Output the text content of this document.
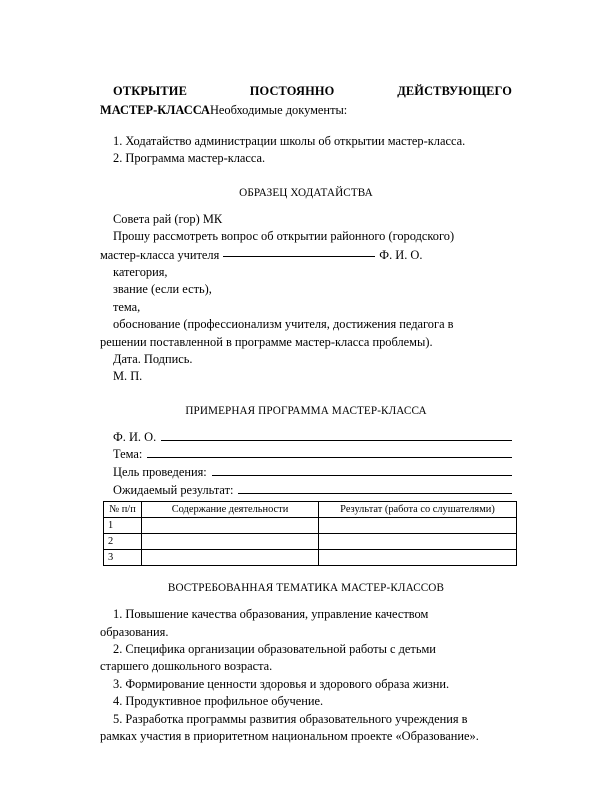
ОТКРЫТИЕ	ПОСТОЯННО	ДЕЙСТВУЮЩЕГО
МАСТЕР-КЛАССАНеобходимые документы:

1. Ходатайство администрации школы об открытии мастер-класса.

2. Программа мастер-класса.

ОБРАЗЕЦ ХОДАТАЙСТВА

Совета рай (гор) МК

Прошу рассмотреть вопрос об открытии районного (городского)

мастер-класса учителя	Ф. И. О.

категория,

звание (если есть),

тема,

обоснование (профессионализм учителя, достижения педагога в

решении поставленной в программе мастер-класса проблемы).

Дата. Подпись.

М. П.

ПРИМЕРНАЯ ПРОГРАММА МАСТЕР-КЛАССА
Ф. И. О.
Тема:
Цель проведения:
Ожидаемый результат:
№ п/п	Содержание деятельности	Результат (работа со слушателями)
1		
2		
3		
ВОСТРЕБОВАННАЯ ТЕМАТИКА МАСТЕР-КЛАССОВ

1. Повышение качества образования, управление качеством

образования.

2. Специфика организации образовательной работы с детьми

старшего дошкольного возраста.

3. Формирование ценности здоровья и здорового образа жизни.

4. Продуктивное профильное обучение.

5. Разработка программы развития образовательного учреждения в

рамках участия в приоритетном национальном проекте «Образование».
